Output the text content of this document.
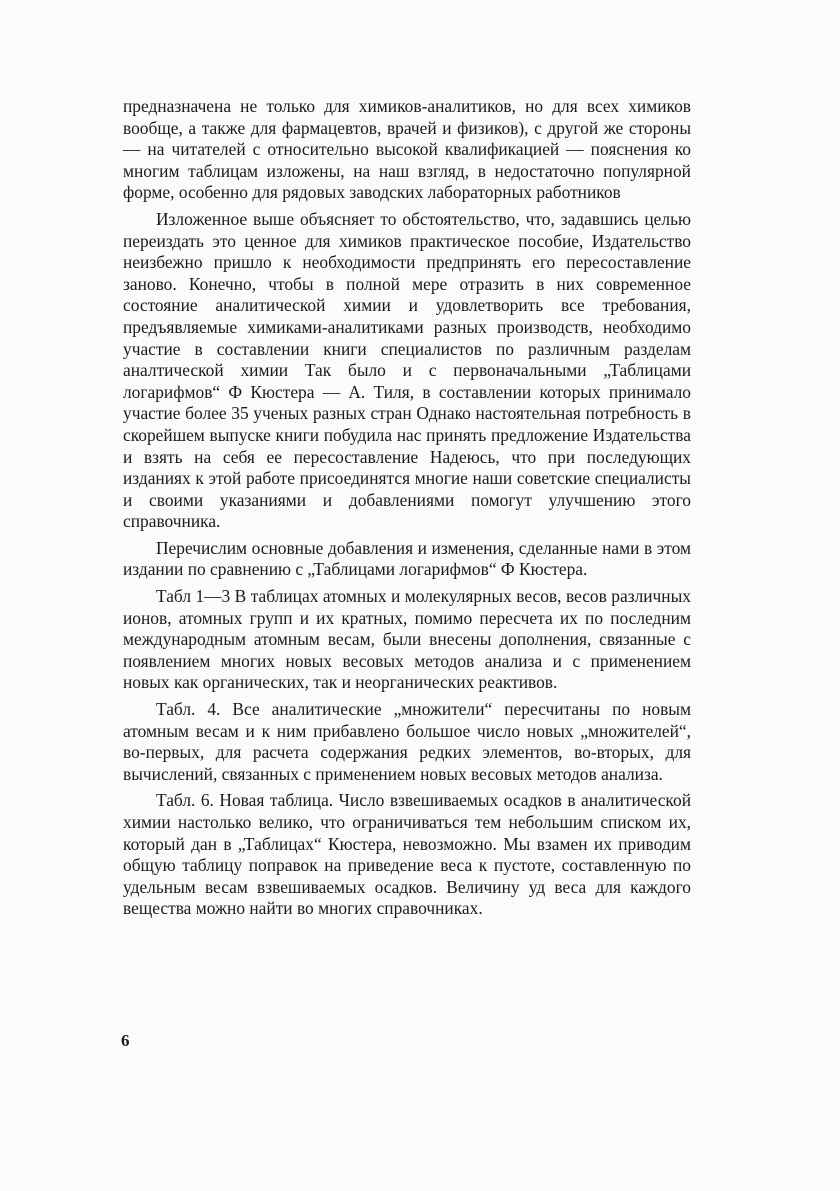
предназначена не только для химиков-аналитиков, но для всех химиков вообще, а также для фармацевтов, врачей и физиков), с другой же стороны — на читателей с относительно высокой квалификацией — пояснения ко многим таблицам изложены, на наш взгляд, в недостаточно популярной форме, особенно для рядовых заводских лабораторных работников

Изложенное выше объясняет то обстоятельство, что, задавшись целью переиздать это ценное для химиков практическое пособие, Издательство неизбежно пришло к необходимости предпринять его пересоставление заново. Конечно, чтобы в полной мере отразить в них современное состояние аналитической химии и удовлетворить все требования, предъявляемые химиками-аналитиками разных производств, необходимо участие в составлении книги специалистов по различным разделам аналтической химии Так было и с первоначальными „Таблицами логарифмов“ Ф Кюстера — А. Тиля, в составлении которых принимало участие более 35 ученых разных стран Однако настоятельная потребность в скорейшем выпуске книги побудила нас принять предложение Издательства и взять на себя ее пересоставление Надеюсь, что при последующих изданиях к этой работе присоединятся многие наши советские специалисты и своими указаниями и добавлениями помогут улучшению этого справочника.

Перечислим основные добавления и изменения, сделанные нами в этом издании по сравнению с „Таблицами логарифмов“ Ф Кюстера.

Табл 1—3 В таблицах атомных и молекулярных весов, весов различных ионов, атомных групп и их кратных, помимо пересчета их по последним международным атомным весам, были внесены дополнения, связанные с появлением многих новых весовых методов анализа и с применением новых как органических, так и неорганических реактивов.

Табл. 4. Все аналитические „множители“ пересчитаны по новым атомным весам и к ним прибавлено большое число новых „множителей“, во-первых, для расчета содержания редких элементов, во-вторых, для вычислений, связанных с применением новых весовых методов анализа.

Табл. 6. Новая таблица. Число взвешиваемых осадков в аналитической химии настолько велико, что ограничиваться тем небольшим списком их, который дан в „Таблицах“ Кюстера, невозможно. Мы взамен их приводим общую таблицу поправок на приведение веса к пустоте, составленную по удельным весам взвешиваемых осадков. Величину уд веса для каждого вещества можно найти во многих справочниках.

6
